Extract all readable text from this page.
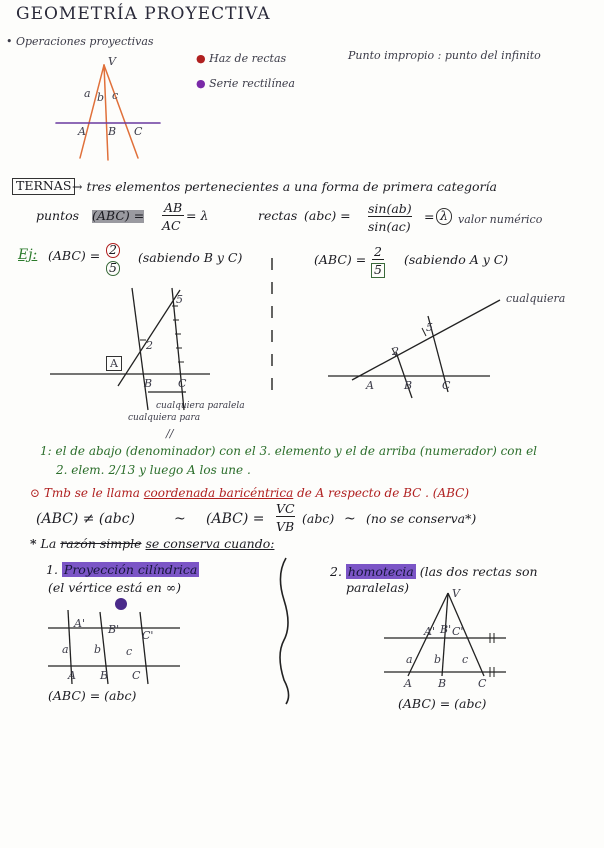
GEOMETRÍA PROYECTIVA
• Operaciones proyectivas
● Haz de rectas
● Serie rectilínea
Punto impropio : punto del infinito
V
a b c
A B C
TERNAS → tres elementos pertenecientes a una forma de primera categoría
puntos (ABC) =
AB
AC
= λ	rectas (abc) = sin(ab)
sin(ac)
= λ valor numérico
Ej: (ABC) = 2
5
(sabiendo B y C)	(ABC) =
2
5
(sabiendo A y C)
A
B C
5
2
cualquiera paralela
cualquiera para
//
cualquiera
5
2
A	B	C
1: el de abajo (denominador) con el 3. elemento y el de arriba (numerador) con el
2. elem. 2/13 y luego A los une .
⊙ Tmb se le llama coordenada baricéntrica de A respecto de BC . (ABC)
(ABC) ≠ (abc)	~ (ABC) =
VC
VB
(abc) ~ (no se conserva*)
* La razón simple se conserva cuando:
1. Proyección cilíndrica
(el vértice está en ∞)
A' B' C'
a b c
A B C
(ABC) = (abc)
2. homotecia (las dos rectas son
paralelas)	V
A' B' C'
a b c
A B	C
(ABC) = (abc)
